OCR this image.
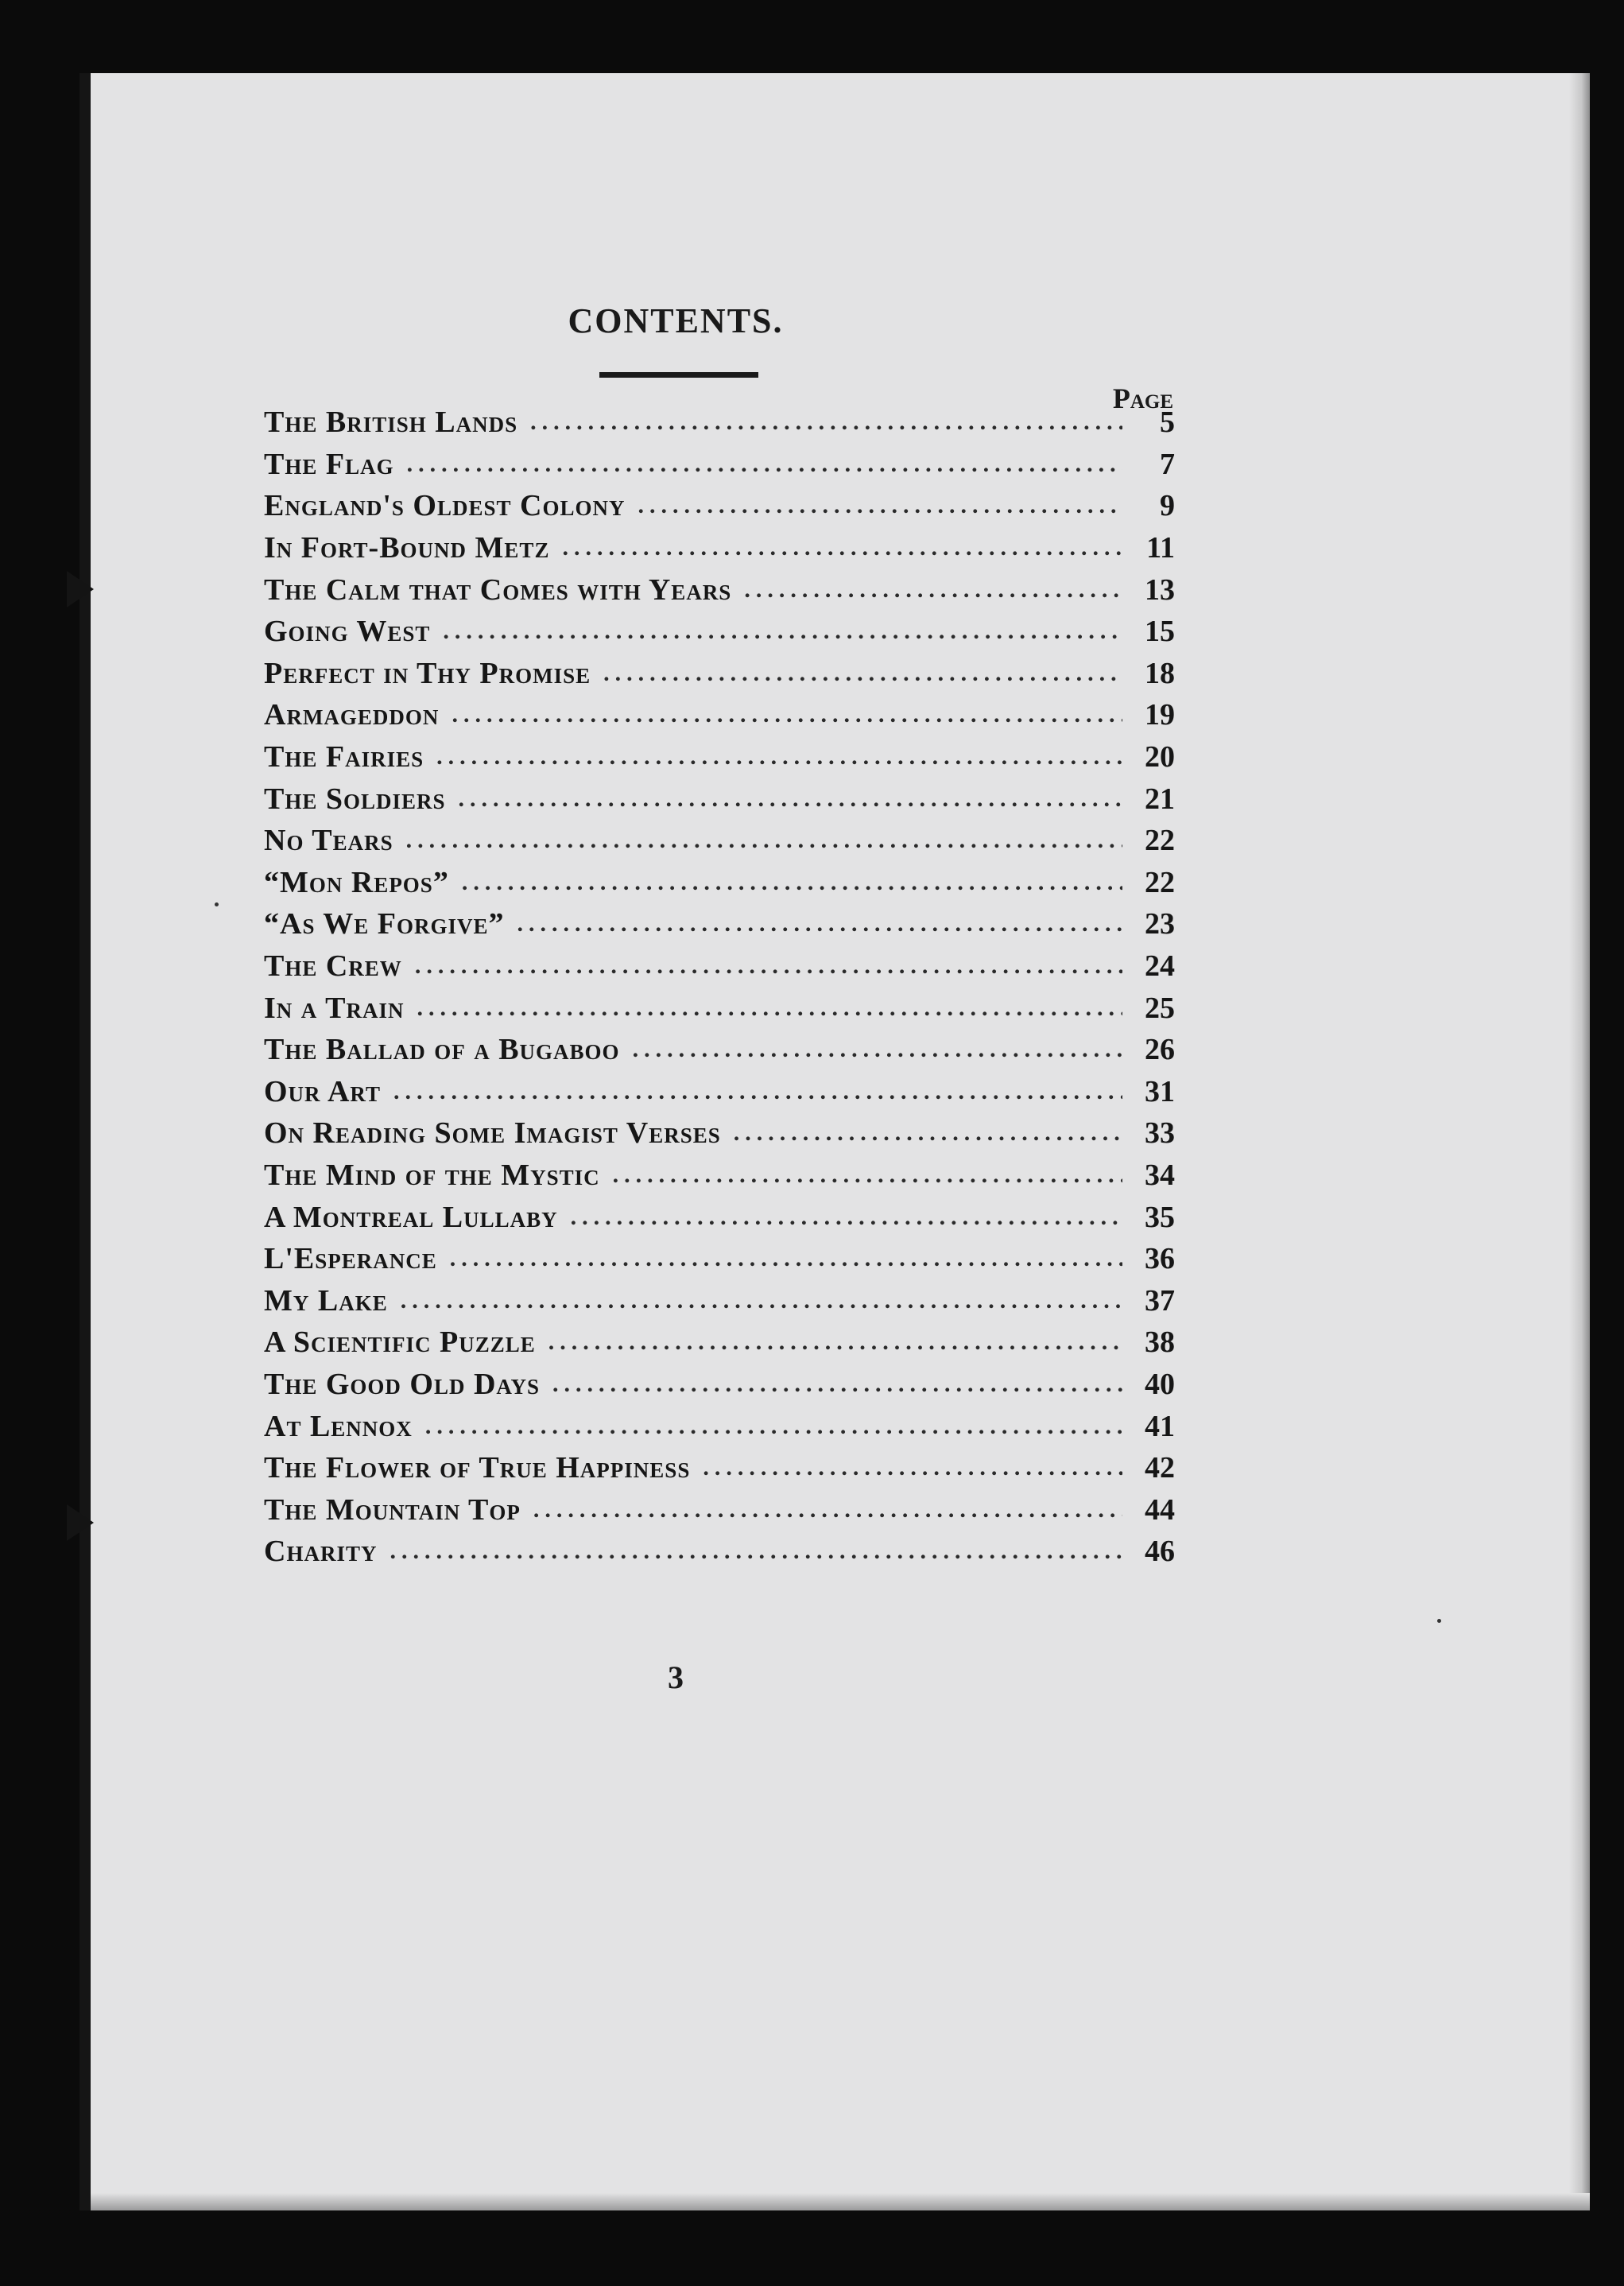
CONTENTS.
Page
The British Lands .....	5
The Flag .....	7
England's Oldest Colony .....	9
In Fort-Bound Metz .....	11
The Calm that Comes with Years .....	13
Going West .....	15
Perfect in Thy Promise .....	18
Armageddon .....	19
The Fairies .....	20
The Soldiers .....	21
No Tears .....	22
“Mon Repos” .....	22
“As We Forgive” .....	23
The Crew .....	24
In a Train .....	25
The Ballad of a Bugaboo .....	26
Our Art .....	31
On Reading Some Imagist Verses .....	33
The Mind of the Mystic .....	34
A Montreal Lullaby .....	35
L'Esperance .....	36
My Lake .....	37
A Scientific Puzzle .....	38
The Good Old Days .....	40
At Lennox .....	41
The Flower of True Happiness .....	42
The Mountain Top .....	44
Charity .....	46
3
